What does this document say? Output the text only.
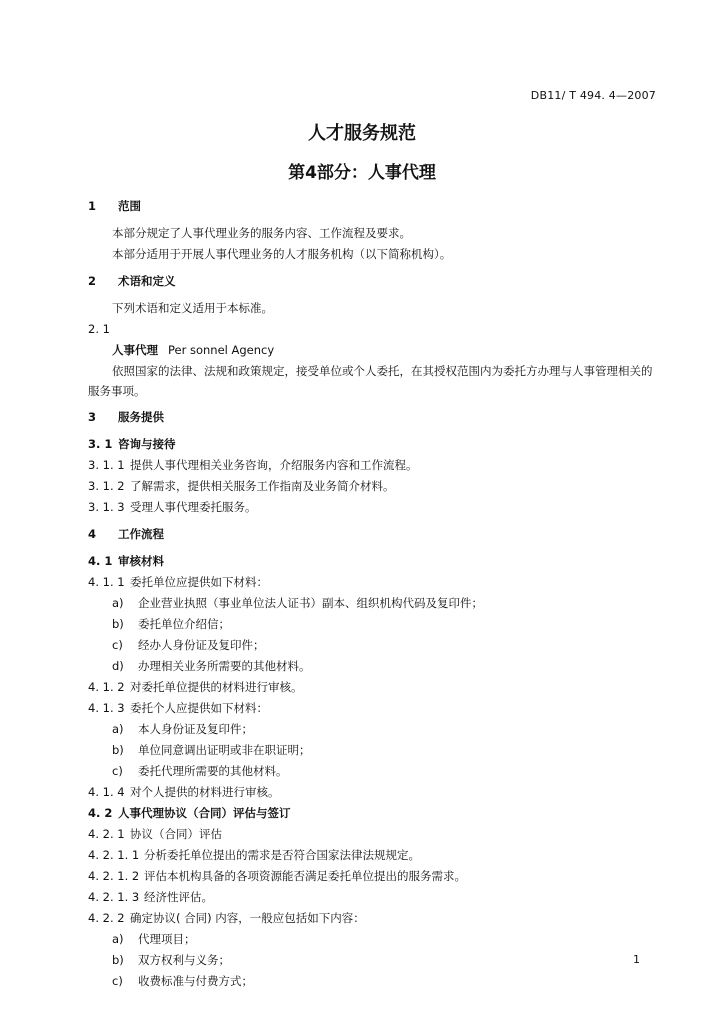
DB11/ T 494. 4—2007
人才服务规范
第4部分：人事代理
1 范围
本部分规定了人事代理业务的服务内容、工作流程及要求。
本部分适用于开展人事代理业务的人才服务机构（以下简称机构）。
2 术语和定义
下列术语和定义适用于本标准。
2. 1
人事代理 Per sonnel Agency
依照国家的法律、法规和政策规定，接受单位或个人委托，在其授权范围内为委托方办理与人事管理相关的服务事项。
3 服务提供
3. 1 咨询与接待
3. 1. 1 提供人事代理相关业务咨询，介绍服务内容和工作流程。
3. 1. 2 了解需求，提供相关服务工作指南及业务简介材料。
3. 1. 3 受理人事代理委托服务。
4 工作流程
4. 1 审核材料
4. 1. 1 委托单位应提供如下材料：
a) 企业营业执照（事业单位法人证书）副本、组织机构代码及复印件；
b) 委托单位介绍信；
c) 经办人身份证及复印件；
d) 办理相关业务所需要的其他材料。
4. 1. 2 对委托单位提供的材料进行审核。
4. 1. 3 委托个人应提供如下材料：
a) 本人身份证及复印件；
b) 单位同意调出证明或非在职证明；
c) 委托代理所需要的其他材料。
4. 1. 4 对个人提供的材料进行审核。
4. 2 人事代理协议（合同）评估与签订
4. 2. 1 协议（合同）评估
4. 2. 1. 1 分析委托单位提出的需求是否符合国家法律法规规定。
4. 2. 1. 2 评估本机构具备的各项资源能否满足委托单位提出的服务需求。
4. 2. 1. 3 经济性评估。
4. 2. 2 确定协议( 合同) 内容，一般应包括如下内容：
a) 代理项目；
b) 双方权利与义务；
c) 收费标准与付费方式；
1
